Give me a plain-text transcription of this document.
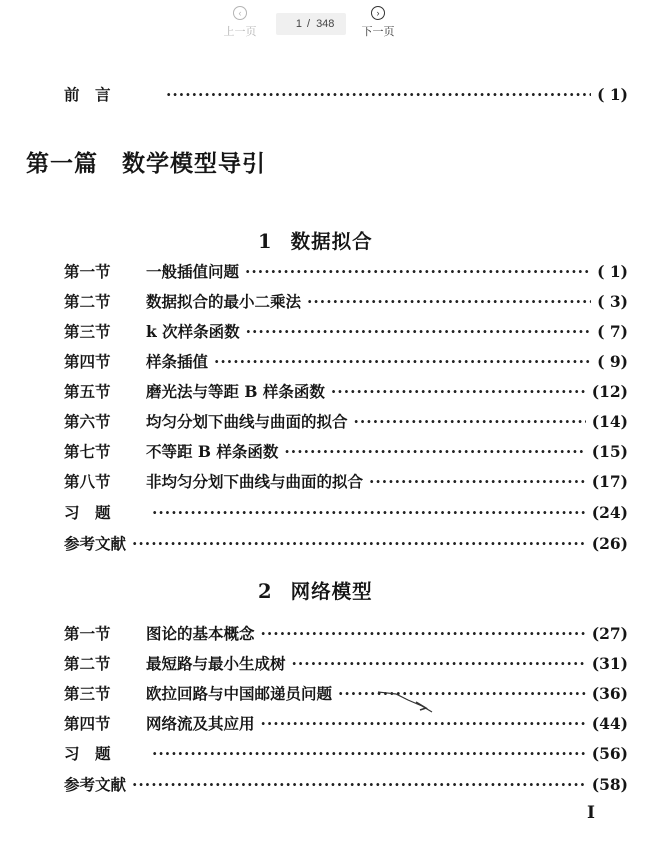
‹
上一页
1
/ 348
›
下一页
前　言 ·····	( 1)
第一篇　数学模型导引
1 数据拟合
第一节	一般插值问题 ·····	( 1)
第二节	数据拟合的最小二乘法 ·····	( 3)
第三节	k 次样条函数 ·····	( 7)
第四节	样条插值 ·····	( 9)
第五节	磨光法与等距 B 样条函数 ·····	(12)
第六节	均匀分划下曲线与曲面的拟合 ·····	(14)
第七节	不等距 B 样条函数 ·····	(15)
第八节	非均匀分划下曲线与曲面的拟合 ·····	(17)
习　题 ·····	(24)
参考文献 ·····	(26)
2 网络模型
第一节	图论的基本概念 ·····	(27)
第二节	最短路与最小生成树 ·····	(31)
第三节	欧拉回路与中国邮递员问题 ·····	(36)
第四节	网络流及其应用 ·····	(44)
习　题 ·····	(56)
参考文献 ·····	(58)
I
